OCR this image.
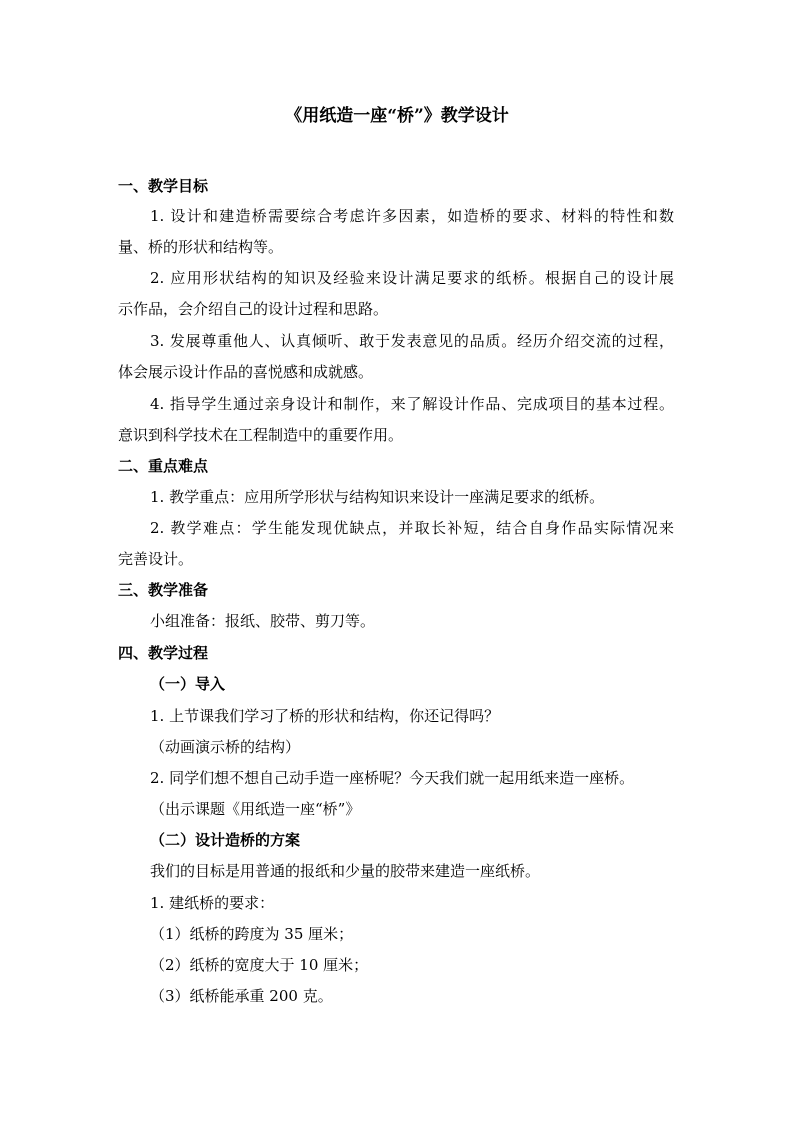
《用纸造一座“桥”》教学设计
一、教学目标
1. 设计和建造桥需要综合考虑许多因素，如造桥的要求、材料的特性和数
量、桥的形状和结构等。
2. 应用形状结构的知识及经验来设计满足要求的纸桥。根据自己的设计展
示作品，会介绍自己的设计过程和思路。
3. 发展尊重他人、认真倾听、敢于发表意见的品质。经历介绍交流的过程，
体会展示设计作品的喜悦感和成就感。
4. 指导学生通过亲身设计和制作，来了解设计作品、完成项目的基本过程。
意识到科学技术在工程制造中的重要作用。
二、重点难点
1. 教学重点：应用所学形状与结构知识来设计一座满足要求的纸桥。
2. 教学难点：学生能发现优缺点，并取长补短，结合自身作品实际情况来
完善设计。
三、教学准备
小组准备：报纸、胶带、剪刀等。
四、教学过程
（一）导入
1. 上节课我们学习了桥的形状和结构，你还记得吗？
（动画演示桥的结构）
2. 同学们想不想自己动手造一座桥呢？今天我们就一起用纸来造一座桥。
（出示课题《用纸造一座“桥”》
（二）设计造桥的方案
我们的目标是用普通的报纸和少量的胶带来建造一座纸桥。
1. 建纸桥的要求：
（1）纸桥的跨度为 35 厘米；
（2）纸桥的宽度大于 10 厘米；
（3）纸桥能承重 200 克。
